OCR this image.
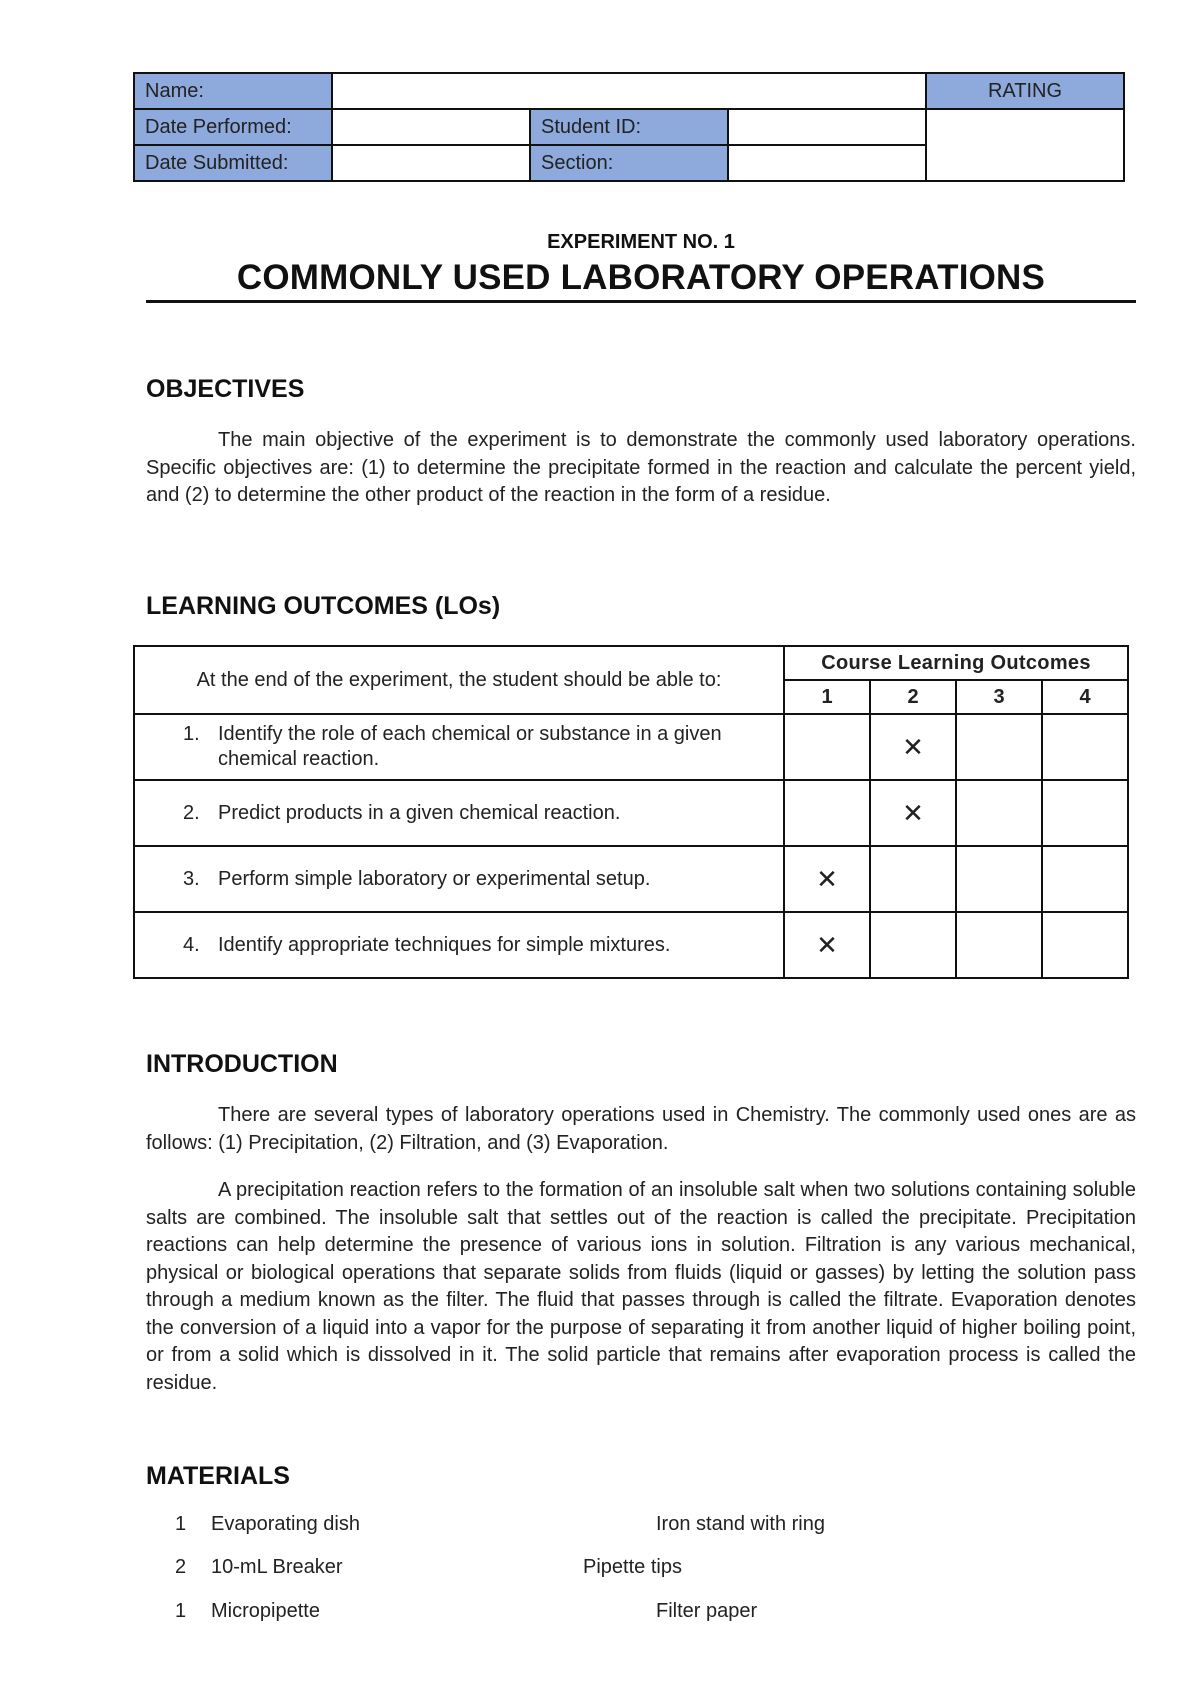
Name:				RATING
Date Performed:		Student ID:		
Date Submitted:		Section:		
EXPERIMENT NO. 1
COMMONLY USED LABORATORY OPERATIONS
OBJECTIVES

The main objective of the experiment is to demonstrate the commonly used laboratory operations. Specific objectives are: (1) to determine the precipitate formed in the reaction and calculate the percent yield, and (2) to determine the other product of the reaction in the form of a residue.

LEARNING OUTCOMES (LOs)
At the end of the experiment, the student should be able to:	Course Learning Outcomes			
	1	2	3	4

1. Identify the role of each chemical or substance in a given chemical reaction.		✕		

2. Predict products in a given chemical reaction.		✕		

3. Perform simple laboratory or experimental setup.	✕			

4. Identify appropriate techniques for simple mixtures.	✕			
INTRODUCTION

There are several types of laboratory operations used in Chemistry. The commonly used ones are as follows: (1) Precipitation, (2) Filtration, and (3) Evaporation.

A precipitation reaction refers to the formation of an insoluble salt when two solutions containing soluble salts are combined. The insoluble salt that settles out of the reaction is called the precipitate. Precipitation reactions can help determine the presence of various ions in solution. Filtration is any various mechanical, physical or biological operations that separate solids from fluids (liquid or gasses) by letting the solution pass through a medium known as the filter. The fluid that passes through is called the filtrate. Evaporation denotes the conversion of a liquid into a vapor for the purpose of separating it from another liquid of higher boiling point, or from a solid which is dissolved in it. The solid particle that remains after evaporation process is called the residue.

MATERIALS
1 Evaporating dish	Iron stand with ring
2 10-mL Breaker	Pipette tips
1 Micropipette	Filter paper
